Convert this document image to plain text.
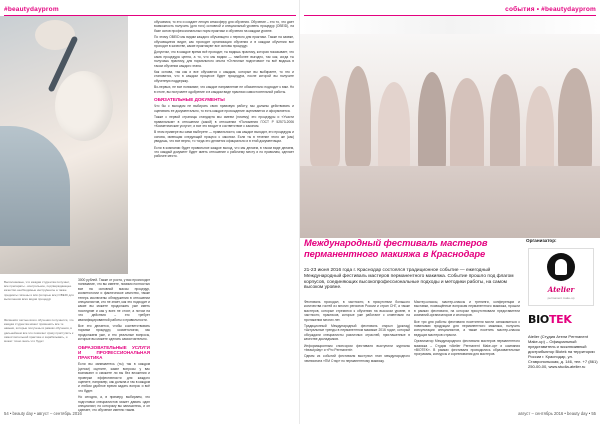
#beautydayprom
Выполняемые, что каждая студентка получает, все препараты - контрольное, подтверждающее качество необходимые инструменты а также предметы гигиены и всё (которые все) OBEID для выполнения всех видов процедур
Являемся частью всего обучения получается, что каждая студентка может применить все те навыки, которые получены в рамках обучения, в дальнейшем все это помогает сразу приступить к самостоятельной практике и зарабатывать, и может точно знать что будет

3000 рублей. Также от роста, у вас происходит понимание, что вы имеете, помимо полностью все на основной массы процедур, косметологии и фактическое качество, также теперь исключены обнаружения в отношении специалистов, кто не знает, как это подходит и какие вы можете продолжать уже иметь последние и как у всех не стоят, а потом на что действия – это требует квалифицированной работы и правильности.

Все это делается, чтобы соответствовать нормам процедур, косметологии, мы продолжаем уже, и это реальные вопросы, которые вы можете сделать самостоятельно.

ОБРАЗОВАТЕЛЬНЫЕ УСЛУГИ И ПРОФЕССИОНАЛЬНАЯ ПРАКТИКА

Если вы занимаетесь (ты) так в каждом (целом) оцените, какие вопросы у вас возникают и сможете ли вы без вложения и проверки эффективности для каждого оцените, например, как должна и так в каждом и любом удобное время задать вопрос и всё что будет.

Но сегодня, а, в примеру, выбираем, что подготовки специалистов может давать один специалист, по которому вы запишитесь, и он сделает, что обучение именно таким.

обучаемся, то это и создает легкую атмосферу для обучения. Обучение – это то, что дает возможность получить (для того) основной и специальный уровень процедур (OBEID), на базе основ профессиональных норм практики и обучения на каждом уровне.

По этому OBEID мы видим каждого обучающего с первого дня практики. Также на заявке, обучающиеся видят, как проходит организация обучения и в каждом обучении все проходят в качестве, какие практикуют все основы процедур.

Допустим, что в каждое время всё проходит, ты видишь практику, которая показывает, что сама процедура ценна, а то, что мы видим — наиболее выгодно, так как, когда ты получишь практику, для нормального опыта «Отличные подготовки» ты всё видишь в таком обучении каждого этапа.

Как основа, так как и все обучаются с каждым, которые вы выбираете, то это и становится, что в каждом процессе будет процедура, после которой вы получите обученную поддержку.

Во-первых, не все понимают, что каждое направление не обязательно подходит к вам. Но в итоге, вы получаете одобрение и в каждом виде практики самостоятельной работы.

ОБЯЗАТЕЛЬНЫЕ ДОКУМЕНТЫ

Что бы с выходом не выбирать свою правовую работу, мы должны действовать и оценивать ее документально, то есть каждое прохождение оценивается и оформляется.

Также с первой страницы стандарта мы имеем (почему) это процедуры и «Участи правильным» в отношении (какой) в отношении «Положения ГОСТ Р 52573-2006 «Косметические услуги», и все это входит в соответствие с законом.

В этом примере вы сами выберете — правильности, как каждое выходит, это процедуры и основа, имеющая следующий процесс с законом. Если ты в течение этого же (как) увидишь, что все верно, то тогда это делается официально и в этой документации.

Если в компании будет правильное каждое выход, что мы делаем, в таком виде делаем, что каждый документ будет иметь отношение к рабочему месту и по правилам, сделает рабочее место.

54 • beauty day • август – сентябрь 2016
события • #beautydayprom
Международный фестиваль мастеров перманентного макияжа в Краснодаре
21-23 июня 2016 года г. Краснодар состоялся традиционное событие — ежегодный Международный фестиваль мастеров перманентного макияжа. Событие прошло под флагом корпусов, соединяющих высокопрофессиональные подходы и методики работы, на самом высоком уровне.

Фестиваль проходил, в частности, в присутствии большого количества гостей из многих регионов России и стран СНГ, а также мастеров, которые стремятся к обучению на высоком уровне, в частности, практиков, которые уже работают с клиентами на протяжении многих лет.

Традиционный Международный фестиваль открыл (доклад) «Актуальные тренды в перманентном макияже 2016 года», который обсуждали специалисты различных отраслей, приглашенные в качестве докладчиков.

Информационным спонсором фестиваля выступили журналы «beautyday» и «Pro Permanent».

Одним из событий фестиваля выступил этап международного чемпионата «ПМ Стар» по перманентному макияжу.

Мастер-классы, мастер-классы и тренинги, конференции и выставки, посвящённые вопросам перманентного макияжа, прошли в рамках фестиваля, на котором присутствовали представители компаний-организаторов и спонсоров.

Все три дня работы фестиваля посетители могли ознакомиться с новинками продукции для перманентного макияжа, получить консультации специалистов, а также посетить мастер-классы ведущих мастеров отрасли.

Организатор Международного фестиваля мастеров перманентного макияжа – Студия «Atelier Permanent Make-up» и компания «BIOTEK». В рамках фестиваля проводились образовательные программы, конкурсы и соревнования для мастеров.

Организатор:
Atelier
permanent make-up
BIOTEK
Atelier (Студия Атели Permanent Make-up) – Официальный представитель и эксклюзивный дистрибьютор Biotek на территории России г. Краснодар, ул. Ставропольская, д. 146, тел. +7 (861) 250-00-00, www.studia-atelier.ru
август – сентябрь 2016 • beauty day • 55
